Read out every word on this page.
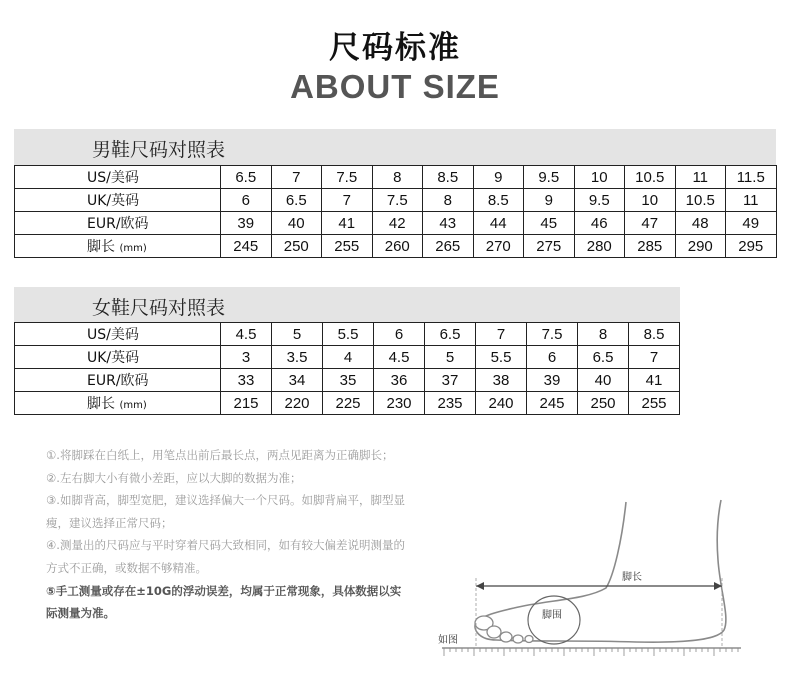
尺码标准
ABOUT SIZE
男鞋尺码对照表
US/美码	6.5	7	7.5	8	8.5	9	9.5	10	10.5	11	11.5
UK/英码	6	6.5	7	7.5	8	8.5	9	9.5	10	10.5	11
EUR/欧码	39	40	41	42	43	44	45	46	47	48	49
脚长 (mm)	245	250	255	260	265	270	275	280	285	290	295
女鞋尺码对照表
US/美码	4.5	5	5.5	6	6.5	7	7.5	8	8.5
UK/英码	3	3.5	4	4.5	5	5.5	6	6.5	7
EUR/欧码	33	34	35	36	37	38	39	40	41
脚长 (mm)	215	220	225	230	235	240	245	250	255

①.将脚踩在白纸上，用笔点出前后最长点，两点见距离为正确脚长；

②.左右脚大小有微小差距，应以大脚的数据为准；

③.如脚背高，脚型宽肥，建议选择偏大一个尺码。如脚背扁平，脚型显瘦，建议选择正常尺码；

④.测量出的尺码应与平时穿着尺码大致相同，如有较大偏差说明测量的方式不正确，或数据不够精准。

⑤手工测量或存在±10G的浮动误差，均属于正常现象，具体数据以实际测量为准。

脚长
脚围
如图
